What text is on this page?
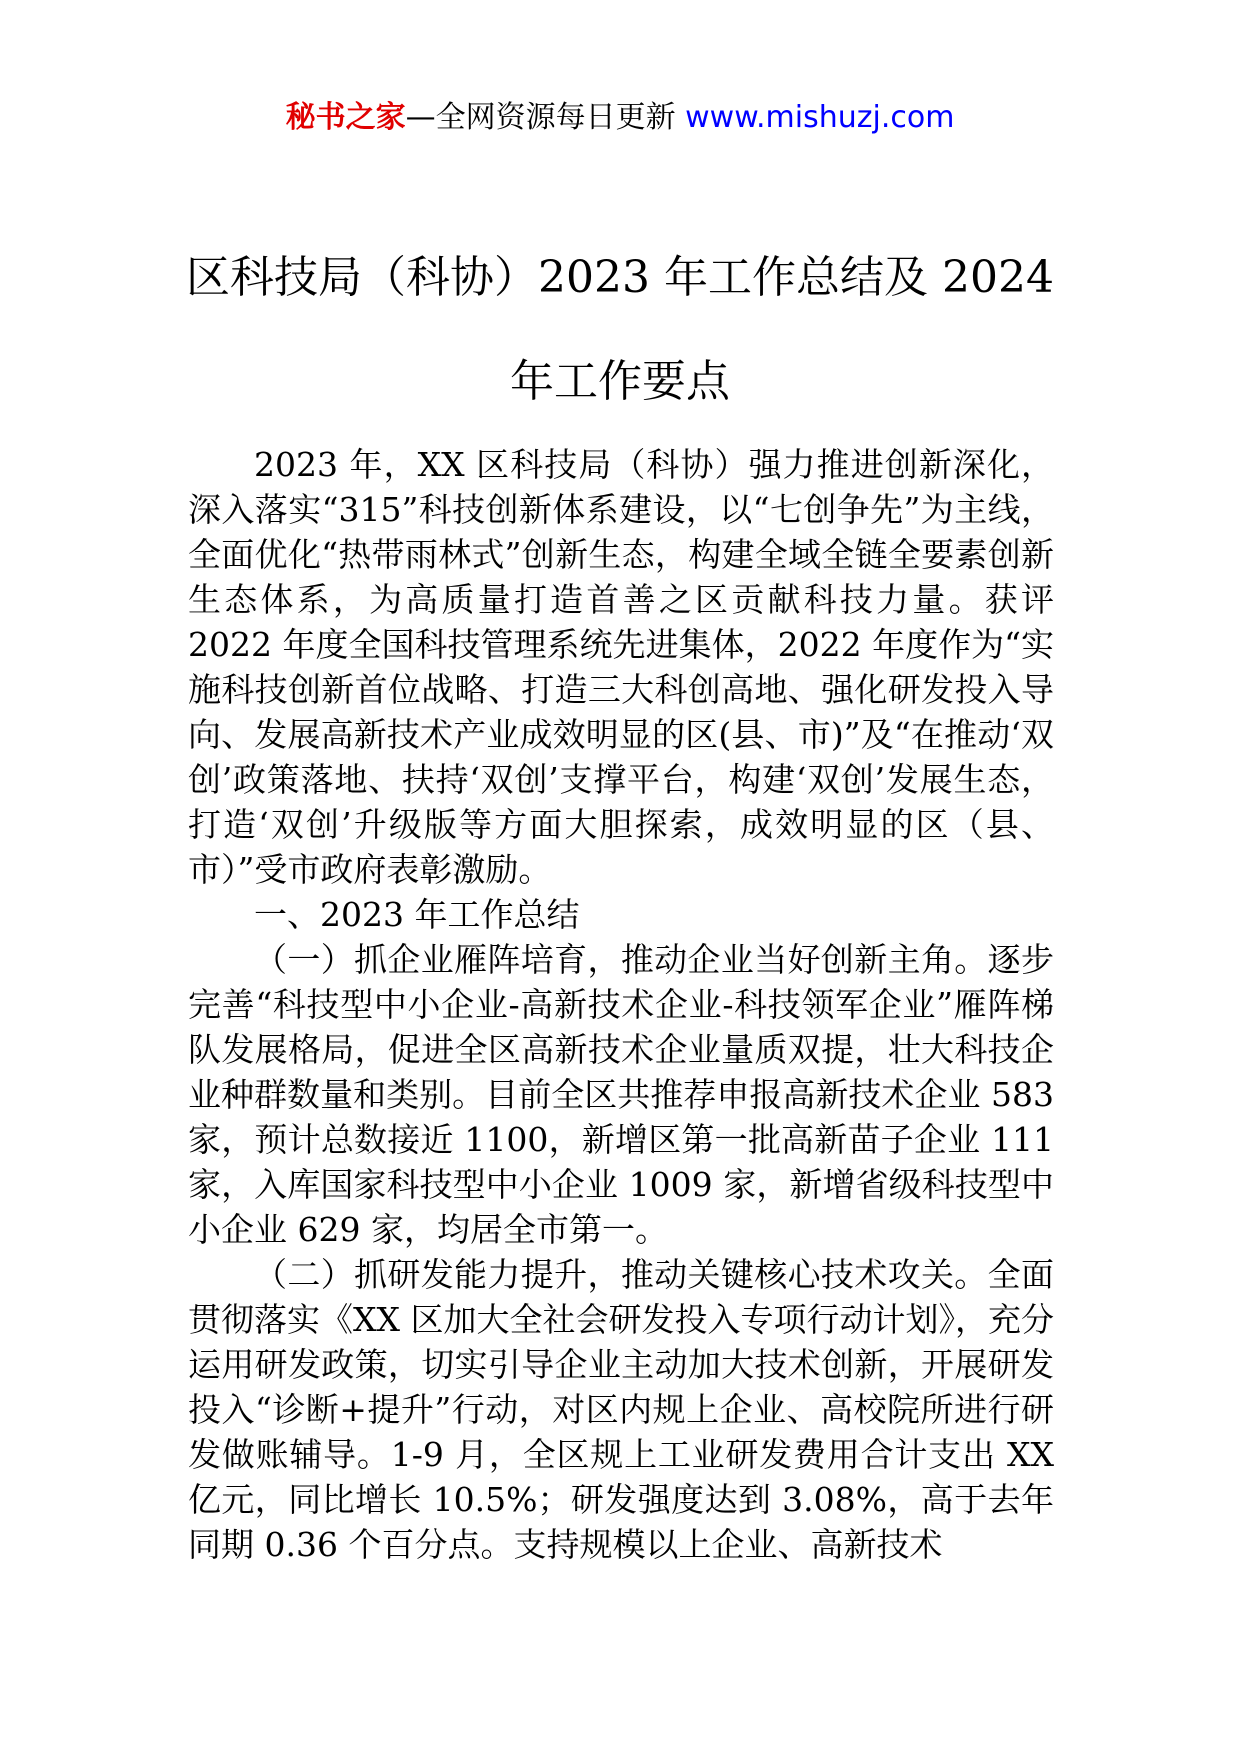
秘书之家—全网资源每日更新 www.mishuzj.com
区科技局（科协）2023 年工作总结及 2024
年工作要点

2023 年，XX 区科技局（科协）强力推进创新深化，深入落实“315”科技创新体系建设，以“七创争先”为主线，全面优化“热带雨林式”创新生态，构建全域全链全要素创新生态体系，为高质量打造首善之区贡献科技力量。获评 2022 年度全国科技管理系统先进集体，2022 年度作为“实施科技创新首位战略、打造三大科创高地、强化研发投入导向、发展高新技术产业成效明显的区(县、市)”及“在推动‘双创’政策落地、扶持‘双创’支撑平台，构建‘双创’发展生态，打造‘双创’升级版等方面大胆探索，成效明显的区（县、市）”受市政府表彰激励。

一、2023 年工作总结

（一）抓企业雁阵培育，推动企业当好创新主角。逐步完善“科技型中小企业-高新技术企业-科技领军企业”雁阵梯队发展格局，促进全区高新技术企业量质双提，壮大科技企业种群数量和类别。目前全区共推荐申报高新技术企业 583 家，预计总数接近 1100，新增区第一批高新苗子企业 111 家，入库国家科技型中小企业 1009 家，新增省级科技型中小企业 629 家，均居全市第一。

（二）抓研发能力提升，推动关键核心技术攻关。全面贯彻落实《XX 区加大全社会研发投入专项行动计划》，充分运用研发政策，切实引导企业主动加大技术创新，开展研发投入“诊断+提升”行动，对区内规上企业、高校院所进行研发做账辅导。1-9 月，全区规上工业研发费用合计支出 XX 亿元，同比增长 10.5%；研发强度达到 3.08%，高于去年同期 0.36 个百分点。支持规模以上企业、高新技术
